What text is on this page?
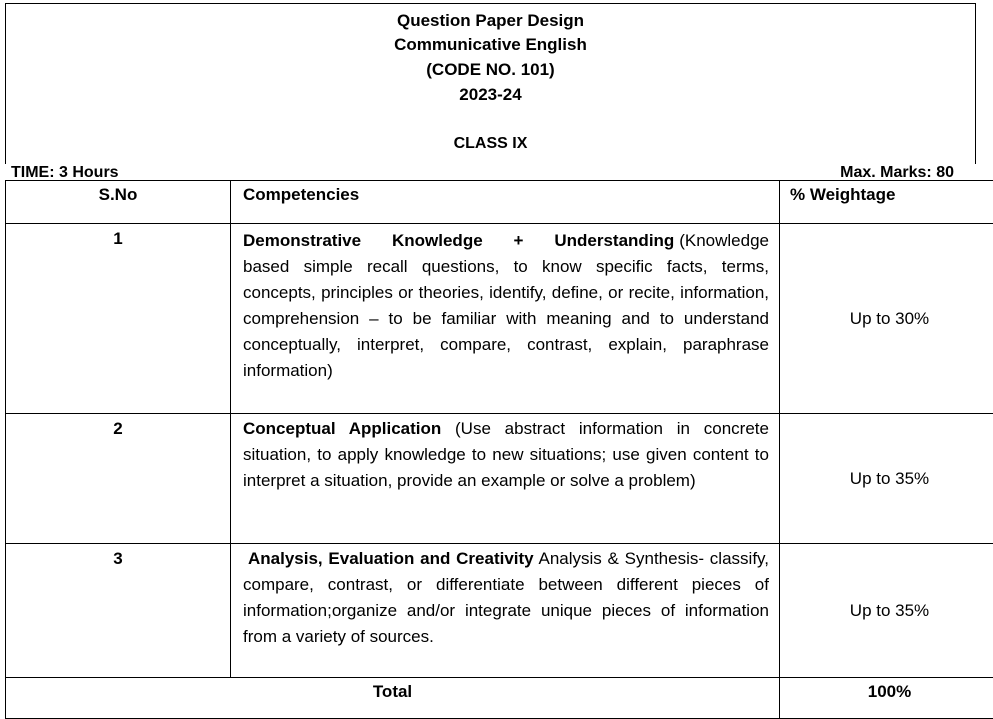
Question Paper Design
Communicative English
(CODE NO. 101)
2023-24
CLASS IX
TIME: 3 Hours	Max. Marks: 80
S.No	Competencies	% Weightage
1	Demonstrative Knowledge + Understanding (Knowledge based simple recall questions, to know specific facts, terms, concepts, principles or theories, identify, define, or recite, information, comprehension – to be familiar with meaning and to understand conceptually, interpret, compare, contrast, explain, paraphrase information)	Up to 30%
2	Conceptual Application (Use abstract information in concrete situation, to apply knowledge to new situations; use given content to interpret a situation, provide an example or solve a problem)	Up to 35%
3	Analysis, Evaluation and Creativity Analysis & Synthesis- classify, compare, contrast, or differentiate between different pieces of information;organize and/or integrate unique pieces of information from a variety of sources.	Up to 35%
Total		100%
